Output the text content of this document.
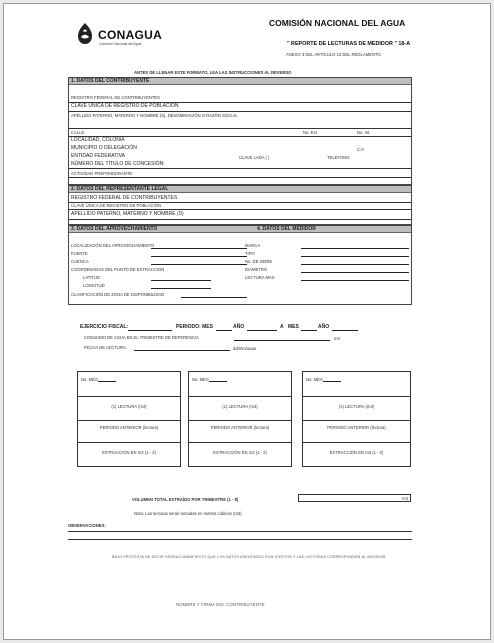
CONAGUA
Comisión Nacional del Agua
COMISIÓN NACIONAL DEL AGUA
" REPORTE DE LECTURAS DE MEDIDOR " 18-A
ANEXO 3 DEL ARTÍCULO 13 DEL REGLAMENTO
ANTES DE LLENAR ESTE FORMATO, LEA LAS INSTRUCCIONES AL REVERSO
1. DATOS DEL CONTRIBUYENTE
REGISTRO FEDERAL DE CONTRIBUYENTES
CLAVE ÚNICA DE REGISTRO DE POBLACIÓN
APELLIDO PATERNO, MATERNO Y NOMBRE (S), DENOMINACIÓN O RAZÓN SOCIAL
CALLE	No. Ext.	No. Int.
LOCALIDAD, COLONIA
MUNICIPIO O DELEGACIÓN	C.P.
ENTIDAD FEDERATIVA	CLAVE LADA ( )	TELÉFONO
NÚMERO DEL TÍTULO DE CONCESIÓN:
ACTIVIDAD PREPONDERANTE:
2. DATOS DEL REPRESENTANTE LEGAL
REGISTRO FEDERAL DE CONTRIBUYENTES
CLAVE ÚNICA DE REGISTRO DE POBLACIÓN
APELLIDO PATERNO, MATERNO Y NOMBRE (S)
3. DATOS DEL APROVECHAMIENTO	4. DATOS DEL MEDIDOR
LOCALIZACIÓN DEL APROVECHAMIENTO
FUENTE
CUENCA
COORDENADAS DEL PUNTO DE EXTRACCIÓN
LATITUD
LONGITUD
CLASIFICACIÓN DE ZONA DE DISPONIBILIDAD
MARCA
TIPO
No. DE SERIE
DIÁMETRO
LECTURA MAX.
EJERCICIO FISCAL:	PERIODO: MES	AÑO	A MES	AÑO
CONSUMO DE AGUA EN EL TRIMESTRE DE REFERENCIA	m3
FECHA DE LECTURA:	dd/mm/aaaa
No. MES
(1) LECTURA (m3)
PERIODO ANTERIOR (lectura)
EXTRACCIÓN EN m3 (1 - 2)
No. MES
(1) LECTURA (m3)
PERIODO ANTERIOR (lectura)
EXTRACCIÓN EN m3 (1 - 2)
No. MES
(1) LECTURA (m3)
PERIODO ANTERIOR (lectura)
EXTRACCIÓN EN m3 (1 - 2)
VOLUMEN TOTAL EXTRAÍDO POR TRIMESTRE (1 - 8)	m3
Nota: Las lecturas serán tomadas en metros cúbicos (m3)
OBSERVACIONES:
BAJO PROTESTA DE DECIR VERDAD MANIFIESTO QUE LOS DATOS ASENTADOS SON CIERTOS Y LAS LECTURAS CORRESPONDEN AL MEDIDOR
NOMBRE Y FIRMA DEL CONTRIBUYENTE
